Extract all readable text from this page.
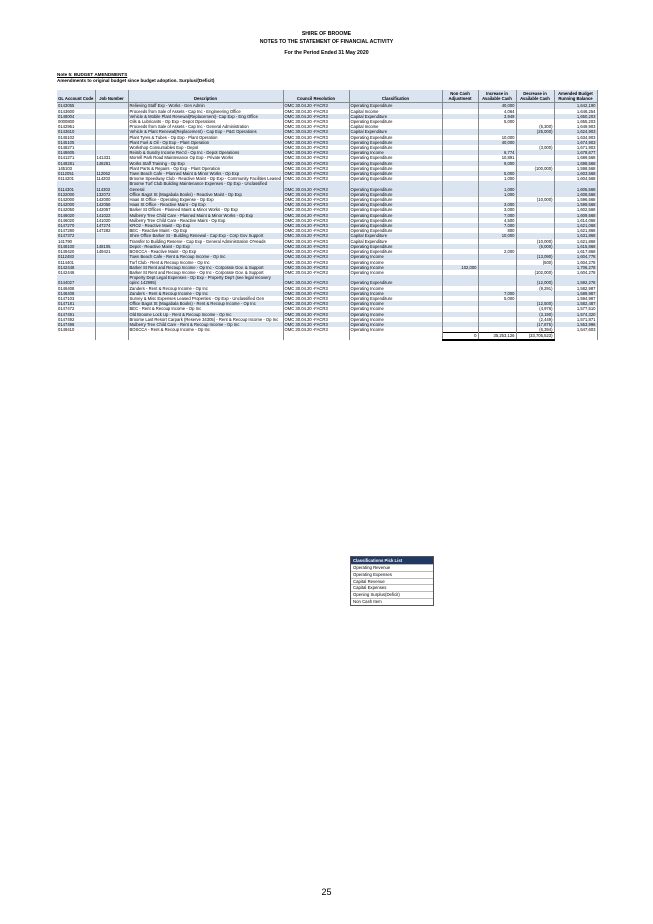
SHIRE OF BROOME
NOTES TO THE STATEMENT OF FINANCIAL ACTIVITY
For the Period Ended 31 May 2020
Note 5: BUDGET AMENDMENTS
Amendments to original budget since budget adoption. Surplus/(Deficit)
GL Account Code	Job Number	Description	Council Resolution	Classification	Non Cash Adjustment	Increase in Available Cash	Decrease in Available Cash	Amended Budget Running Balance
0143055		Relieving Staff Exp - Works - Gen Admin	OMC 30.04.20 -FACR3	Operating Expenditure		40,000		1,642,190
0143600		Proceeds from Sale of Assets - Cap Inc - Engineering Office	OMC 30.04.20 -FACR3	Capital Income		4,064		1,646,254
0148004		Vehicle & Mobile Plant Renewal(Replacement)- Cap Exp - Eng Office	OMC 30.04.20 -FACR3	Capital Expenditure		3,949		1,650,203
0000800		Oils & Lubricants - Op Exp - Depot Operations	OMC 30.04.20 -FACR3	Operating Expenditure		5,000		1,655,203

0142951		Proceeds from Sale of Assets - Cap Inc - General Administration	OMC 30.04.20 -FACR3	Capital Income			(5,300)	1,649,903
0143610		Vehicle & Plant Renewal(Replacement) - Cap Exp - P&G Operations	OMC 30.04.20 -FACR3	Capital Expenditure			(25,000)	1,624,903
0145102		Plant Tyres & Tubes - Op Exp - Plant Operation	OMC 30.04.20 -FACR3	Operating Expenditure		10,000		1,634,903
0145105		Plant Fuel & Oil - Op Exp - Plant Operation	OMC 30.04.20 -FACR3	Operating Expenditure		40,000		1,674,903
0148271		Workshop Consumables Exp - Depot	OMC 30.04.20 -FACR3	Operating Expenditure			(3,000)	1,671,903
0148605		Reimb & Sundry Income Rec'd - Op Inc - Depot Operations	OMC 30.04.20 -FACR3	Operating Income		6,774		1,678,677
0141271	141331	Morrell Park Road Maintenance Op Exp - Private Works	OMC 30.04.20 -FACR3	Operating Expenditure		10,891		1,689,568
0148281	148281	Works Staff Training - Op Exp	OMC 30.04.20 -FACR3	Operating Expenditure		9,000		1,698,568
145103		Plant Parts & Repairs - Op Exp - Plant Operation	OMC 30.04.20 -FACR3	Operating Expenditure			(100,000)	1,598,568
0112051	112062	Town Beach Cafe - Planned Maint & Minor Works - Op Exp	OMC 30.04.20 -FACR3	Operating Expenditure		5,000		1,603,568
0114201	114202	Broome Speedway Club - Reactive Maint - Op Exp - Community Facilities Leased	OMC 30.04.20 -FACR3	Operating Expenditure		1,000		1,604,568
0114301	114302	Broome Turf Club Building Maintenance Expenses - Op Exp - Unclassified General	OMC 30.04.20 -FACR3	Operating Expenditure		1,000		1,605,568

0132000	132072	Office Bagot St (Magabala Books) - Reactive Maint - Op Exp	OMC 30.04.20 -FACR3	Operating Expenditure		1,000		1,606,568
0142000	142000	Haas St Office - Operating Expense - Op Exp	OMC 30.04.20 -FACR3	Operating Expenditure			(10,000)	1,596,568
0142000	142056	Haas St Office - Reactive Maint - Op Exp	OMC 30.04.20 -FACR3	Operating Expenditure		3,000		1,599,568
0142050	142057	Barker St Offices - Planned Maint & Minor Works - Op Exp	OMC 30.04.20 -FACR3	Operating Expenditure		3,000		1,602,568
0146020	141022	Mulberry Tree Child Care - Planned Maint & Minor Works - Op Exp	OMC 30.04.20 -FACR3	Operating Expenditure		7,000		1,609,568
0146020	141020	Mulberry Tree Child Care - Reactive Maint - Op Exp	OMC 30.04.20 -FACR3	Operating Expenditure		4,500		1,614,068
0147270	147274	KRO2 - Reactive Maint - Op Exp	OMC 30.04.20 -FACR3	Operating Expenditure		7,000		1,621,068
0147280	147282	BEC - Reactive Maint - Op Exp	OMC 30.04.20 -FACR3	Operating Expenditure		800		1,621,868
0147372		Shire Office Barker St - Building Renewal - Cap Exp - Corp Gov Support	OMC 30.04.20 -FACR3	Capital Expenditure		10,000		1,631,868
141790		Transfer to Building Reserve - Cap Exp - General Administration O'Heads	OMC 30.04.20 -FACR3	Capital Expenditure			(10,000)	1,621,868
0148100	148105	Depot - Reactive Maint - Op Exp	OMC 30.04.20 -FACR3	Operating Expenditure			(6,000)	1,615,868
0149420	149421	BOSCCA - Reactive Maint - Op Exp	OMC 30.04.20 -FACR3	Operating Expenditure		2,000		1,617,868
0112483		Town Beach Cafe - Rent & Recoup Income - Op Inc	OMC 30.04.20 -FACR3	Operating Income			(13,090)	1,604,778
0114401		Turf Club - Rent & Recoup Income - Op Inc	OMC 30.04.20 -FACR3	Operating Income			(500)	1,604,278
0142446		Barker St Rent and Recoup Income - Op Inc - Corporate Gov. & Support	OMC 30.04.20 -FACR3	Operating Income	102,000			1,706,278
0142446		Barker St Rent and Recoup Income - Op Inc - Corporate Gov. & Support	OMC 30.04.20 -FACR3	Operating Income			(102,000)	1,604,278
0144027		Property Dept Legal Expenses - Op Exp - Property Dep't (see legal recovery opinc 142995)	OMC 30.04.20 -FACR3	Operating Expenditure			(12,000)	1,592,278
0146408		Zanders - Rent & Recoup Income - Op Inc	OMC 30.04.20 -FACR3	Operating Income			(9,291)	1,582,987
0146408		Zanders - Rent & Recoup Income - Op Inc	OMC 30.04.20 -FACR3	Operating Income		7,000		1,589,987
0147103		Survey & Misc Expenses Leased Properties - Op Exp - Unclassified Gen	OMC 30.04.20 -FACR3	Operating Expenditure		5,000		1,594,987
0147181		Office Bagot St (Magabala Books) - Rent & Recoup Income - Op Inc	OMC 30.04.20 -FACR3	Operating Income			(12,500)	1,582,487
0147472		BEC - Rent & Recoup Income - Op Inc	OMC 30.04.20 -FACR3	Operating Income			(4,976)	1,577,510
0147491		Old Broome Lock Up - Rent & Recoup Income - Op Inc	OMC 30.04.20 -FACR3	Operating Income			(3,190)	1,574,320
0147492		Broome Last Resort Carpark (Reserve 34305) - Rent & Recoup Income - Op Inc	OMC 30.04.20 -FACR3	Operating Income			(2,449)	1,571,871
0147496		Mulberry Tree Child Care - Rent & Recoup Income - Op Inc	OMC 30.04.20 -FACR3	Operating Income			(17,875)	1,553,996
0149410		BOSCCA - Rent & Recoup Income - Op Inc	OMC 30.04.20 -FACR3	Operating Income			(6,394)	1,547,603

					0	35,253,126	(33,705,523)	
Classifications Pick List
Operating Revenue
Operating Expenses
Capital Revenue
Capital Expenses
Opening Surplus(Deficit)
Non Cash Item
25
